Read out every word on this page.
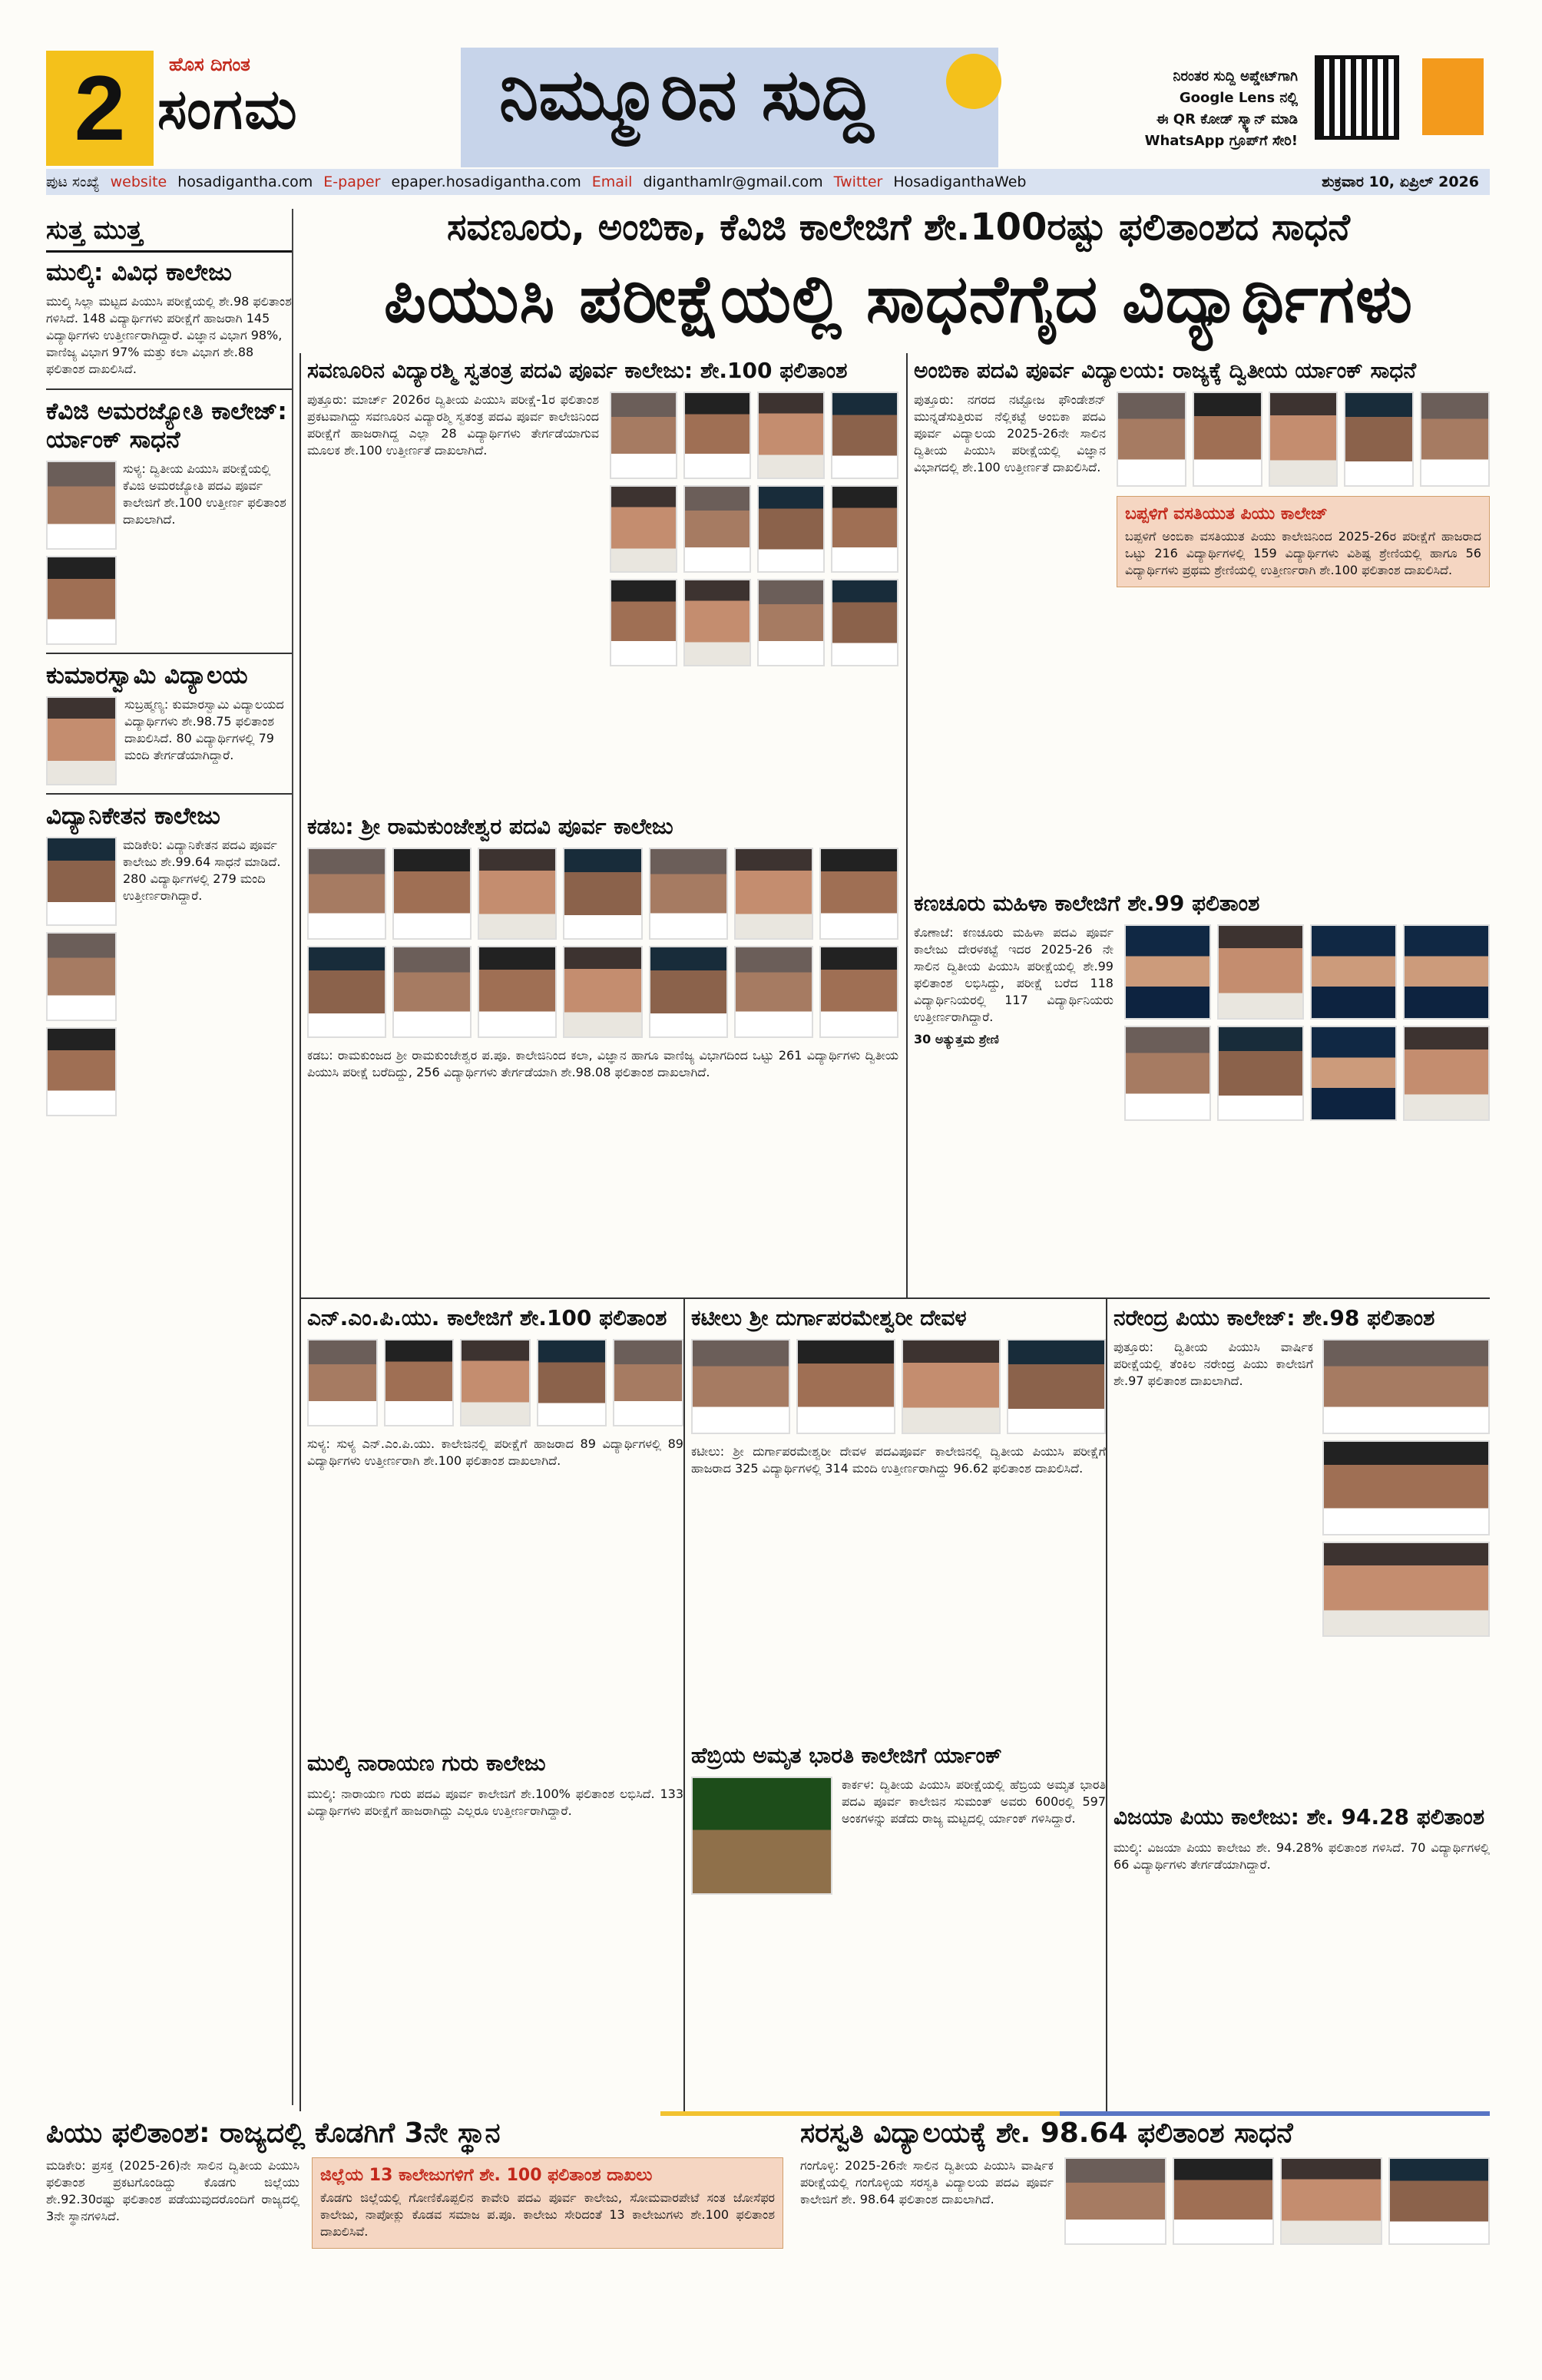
2	ಹೊಸ ದಿಗಂತ
ಸಂಗಮ	ನಿಮ್ಮೂರಿನ ಸುದ್ದಿ	ನಿರಂತರ ಸುದ್ದಿ ಅಪ್ಡೇಟ್‌ಗಾಗಿ
Google Lens ನಲ್ಲಿ
ಈ QR ಕೋಡ್ ಸ್ಕ್ಯಾನ್ ಮಾಡಿ
WhatsApp ಗ್ರೂಪ್‌ಗೆ ಸೇರಿ!
ಪುಟ ಸಂಖ್ಯೆ website hosadigantha.com E-paper epaper.hosadigantha.com Email diganthamlr@gmail.com Twitter HosadiganthaWeb	ಶುಕ್ರವಾರ 10, ಏಪ್ರಿಲ್ 2026
ಸವಣೂರು, ಅಂಬಿಕಾ, ಕೆವಿಜಿ ಕಾಲೇಜಿಗೆ ಶೇ.100ರಷ್ಟು ಫಲಿತಾಂಶದ ಸಾಧನೆ
ಪಿಯುಸಿ ಪರೀಕ್ಷೆಯಲ್ಲಿ ಸಾಧನೆಗೈದ ವಿದ್ಯಾರ್ಥಿಗಳು
ಸುತ್ತ ಮುತ್ತ
ಮುಲ್ಕಿ: ವಿವಿಧ ಕಾಲೇಜು
ಮುಲ್ಕಿ ಸಿಲ್ಲಾ ಮಟ್ಟದ ಪಿಯುಸಿ ಪರೀಕ್ಷೆಯಲ್ಲಿ ಶೇ.98 ಫಲಿತಾಂಶ ಗಳಿಸಿದೆ. 148 ವಿದ್ಯಾರ್ಥಿಗಳು ಪರೀಕ್ಷೆಗೆ ಹಾಜರಾಗಿ 145 ವಿದ್ಯಾರ್ಥಿಗಳು ಉತ್ತೀರ್ಣರಾಗಿದ್ದಾರೆ. ವಿಜ್ಞಾನ ವಿಭಾಗ 98%, ವಾಣಿಜ್ಯ ವಿಭಾಗ 97% ಮತ್ತು ಕಲಾ ವಿಭಾಗ ಶೇ.88 ಫಲಿತಾಂಶ ದಾಖಲಿಸಿದೆ.
ಕೆವಿಜಿ ಅಮರಜ್ಯೋತಿ ಕಾಲೇಜ್: ರ್ಯಾಂಕ್ ಸಾಧನೆ
ಸುಳ್ಯ: ದ್ವಿತೀಯ ಪಿಯುಸಿ ಪರೀಕ್ಷೆಯಲ್ಲಿ ಕೆವಿಜಿ ಅಮರಜ್ಯೋತಿ ಪದವಿ ಪೂರ್ವ ಕಾಲೇಜಿಗೆ ಶೇ.100 ಉತ್ತೀರ್ಣ ಫಲಿತಾಂಶ ದಾಖಲಾಗಿದೆ.
ಕುಮಾರಸ್ವಾಮಿ ವಿದ್ಯಾಲಯ
ಸುಬ್ರಹ್ಮಣ್ಯ: ಕುಮಾರಸ್ವಾಮಿ ವಿದ್ಯಾಲಯದ ವಿದ್ಯಾರ್ಥಿಗಳು ಶೇ.98.75 ಫಲಿತಾಂಶ ದಾಖಲಿಸಿದೆ. 80 ವಿದ್ಯಾರ್ಥಿಗಳಲ್ಲಿ 79 ಮಂದಿ ತೇರ್ಗಡೆಯಾಗಿದ್ದಾರೆ.
ವಿದ್ಯಾನಿಕೇತನ ಕಾಲೇಜು
ಮಡಿಕೇರಿ: ವಿದ್ಯಾನಿಕೇತನ ಪದವಿ ಪೂರ್ವ ಕಾಲೇಜು ಶೇ.99.64 ಸಾಧನೆ ಮಾಡಿದೆ. 280 ವಿದ್ಯಾರ್ಥಿಗಳಲ್ಲಿ 279 ಮಂದಿ ಉತ್ತೀರ್ಣರಾಗಿದ್ದಾರೆ.
ಸವಣೂರಿನ ವಿದ್ಯಾರಶ್ಮಿ ಸ್ವತಂತ್ರ ಪದವಿ ಪೂರ್ವ ಕಾಲೇಜು: ಶೇ.100 ಫಲಿತಾಂಶ
ಪುತ್ತೂರು: ಮಾರ್ಚ್ 2026ರ ದ್ವಿತೀಯ ಪಿಯುಸಿ ಪರೀಕ್ಷೆ-1ರ ಫಲಿತಾಂಶ ಪ್ರಕಟವಾಗಿದ್ದು ಸವಣೂರಿನ ವಿದ್ಯಾರಶ್ಮಿ ಸ್ವತಂತ್ರ ಪದವಿ ಪೂರ್ವ ಕಾಲೇಜಿನಿಂದ ಪರೀಕ್ಷೆಗೆ ಹಾಜರಾಗಿದ್ದ ಎಲ್ಲಾ 28 ವಿದ್ಯಾರ್ಥಿಗಳು ತೇರ್ಗಡೆಯಾಗುವ ಮೂಲಕ ಶೇ.100 ಉತ್ತೀರ್ಣತೆ ದಾಖಲಾಗಿದೆ.
ಅಂಬಿಕಾ ಪದವಿ ಪೂರ್ವ ವಿದ್ಯಾಲಯ: ರಾಜ್ಯಕ್ಕೆ ದ್ವಿತೀಯ ರ್ಯಾಂಕ್ ಸಾಧನೆ
ಪುತ್ತೂರು: ನಗರದ ನಟ್ಟೋಜ ಫೌಂಡೇಶನ್ ಮುನ್ನಡೆಸುತ್ತಿರುವ ನೆಲ್ಲಿಕಟ್ಟೆ ಅಂಬಿಕಾ ಪದವಿ ಪೂರ್ವ ವಿದ್ಯಾಲಯ 2025-26ನೇ ಸಾಲಿನ ದ್ವಿತೀಯ ಪಿಯುಸಿ ಪರೀಕ್ಷೆಯಲ್ಲಿ ವಿಜ್ಞಾನ ವಿಭಾಗದಲ್ಲಿ ಶೇ.100 ಉತ್ತೀರ್ಣತೆ ದಾಖಲಿಸಿದೆ.
ಬಪ್ಪಳಿಗೆ ವಸತಿಯುತ ಪಿಯು ಕಾಲೇಜ್
ಬಪ್ಪಳಿಗೆ ಅಂಬಿಕಾ ವಸತಿಯುತ ಪಿಯು ಕಾಲೇಜಿನಿಂದ 2025-26ರ ಪರೀಕ್ಷೆಗೆ ಹಾಜರಾದ ಒಟ್ಟು 216 ವಿದ್ಯಾರ್ಥಿಗಳಲ್ಲಿ 159 ವಿದ್ಯಾರ್ಥಿಗಳು ವಿಶಿಷ್ಟ ಶ್ರೇಣಿಯಲ್ಲಿ ಹಾಗೂ 56 ವಿದ್ಯಾರ್ಥಿಗಳು ಪ್ರಥಮ ಶ್ರೇಣಿಯಲ್ಲಿ ಉತ್ತೀರ್ಣರಾಗಿ ಶೇ.100 ಫಲಿತಾಂಶ ದಾಖಲಿಸಿದೆ.
ಕಡಬ: ಶ್ರೀ ರಾಮಕುಂಜೇಶ್ವರ ಪದವಿ ಪೂರ್ವ ಕಾಲೇಜು
ಕಡಬ: ರಾಮಕುಂಜದ ಶ್ರೀ ರಾಮಕುಂಜೇಶ್ವರ ಪ.ಪೂ. ಕಾಲೇಜಿನಿಂದ ಕಲಾ, ವಿಜ್ಞಾನ ಹಾಗೂ ವಾಣಿಜ್ಯ ವಿಭಾಗದಿಂದ ಒಟ್ಟು 261 ವಿದ್ಯಾರ್ಥಿಗಳು ದ್ವಿತೀಯ ಪಿಯುಸಿ ಪರೀಕ್ಷೆ ಬರೆದಿದ್ದು, 256 ವಿದ್ಯಾರ್ಥಿಗಳು ತೇರ್ಗಡೆಯಾಗಿ ಶೇ.98.08 ಫಲಿತಾಂಶ ದಾಖಲಾಗಿದೆ.
ಕಣಚೂರು ಮಹಿಳಾ ಕಾಲೇಜಿಗೆ ಶೇ.99 ಫಲಿತಾಂಶ
ಕೊಣಾಜೆ: ಕಣಚೂರು ಮಹಿಳಾ ಪದವಿ ಪೂರ್ವ ಕಾಲೇಜು ದೇರಳಕಟ್ಟೆ ಇದರ 2025-26 ನೇ ಸಾಲಿನ ದ್ವಿತೀಯ ಪಿಯುಸಿ ಪರೀಕ್ಷೆಯಲ್ಲಿ ಶೇ.99 ಫಲಿತಾಂಶ ಲಭಿಸಿದ್ದು, ಪರೀಕ್ಷೆ ಬರೆದ 118 ವಿದ್ಯಾರ್ಥಿನಿಯರಲ್ಲಿ 117 ವಿದ್ಯಾರ್ಥಿನಿಯರು ಉತ್ತೀರ್ಣರಾಗಿದ್ದಾರೆ.
30 ಅತ್ಯುತ್ತಮ ಶ್ರೇಣಿ
ಎನ್.ಎಂ.ಪಿ.ಯು. ಕಾಲೇಜಿಗೆ ಶೇ.100 ಫಲಿತಾಂಶ
ಸುಳ್ಯ: ಸುಳ್ಯ ಎನ್.ಎಂ.ಪಿ.ಯು. ಕಾಲೇಜಿನಲ್ಲಿ ಪರೀಕ್ಷೆಗೆ ಹಾಜರಾದ 89 ವಿದ್ಯಾರ್ಥಿಗಳಲ್ಲಿ 89 ವಿದ್ಯಾರ್ಥಿಗಳು ಉತ್ತೀರ್ಣರಾಗಿ ಶೇ.100 ಫಲಿತಾಂಶ ದಾಖಲಾಗಿದೆ.
ಕಟೀಲು ಶ್ರೀ ದುರ್ಗಾಪರಮೇಶ್ವರೀ ದೇವಳ
ಕಟೀಲು: ಶ್ರೀ ದುರ್ಗಾಪರಮೇಶ್ವರೀ ದೇವಳ ಪದವಿಪೂರ್ವ ಕಾಲೇಜಿನಲ್ಲಿ ದ್ವಿತೀಯ ಪಿಯುಸಿ ಪರೀಕ್ಷೆಗೆ ಹಾಜರಾದ 325 ವಿದ್ಯಾರ್ಥಿಗಳಲ್ಲಿ 314 ಮಂದಿ ಉತ್ತೀರ್ಣರಾಗಿದ್ದು 96.62 ಫಲಿತಾಂಶ ದಾಖಲಿಸಿದೆ.
ನರೇಂದ್ರ ಪಿಯು ಕಾಲೇಜ್: ಶೇ.98 ಫಲಿತಾಂಶ
ಪುತ್ತೂರು: ದ್ವಿತೀಯ ಪಿಯುಸಿ ವಾರ್ಷಿಕ ಪರೀಕ್ಷೆಯಲ್ಲಿ ತೆಂಕಿಲ ನರೇಂದ್ರ ಪಿಯು ಕಾಲೇಜಿಗೆ ಶೇ.97 ಫಲಿತಾಂಶ ದಾಖಲಾಗಿದೆ.
ಮುಲ್ಕಿ ನಾರಾಯಣ ಗುರು ಕಾಲೇಜು
ಮುಲ್ಕಿ: ನಾರಾಯಣ ಗುರು ಪದವಿ ಪೂರ್ವ ಕಾಲೇಜಿಗೆ ಶೇ.100% ಫಲಿತಾಂಶ ಲಭಿಸಿದೆ. 133 ವಿದ್ಯಾರ್ಥಿಗಳು ಪರೀಕ್ಷೆಗೆ ಹಾಜರಾಗಿದ್ದು ಎಲ್ಲರೂ ಉತ್ತೀರ್ಣರಾಗಿದ್ದಾರೆ.
ಹೆಬ್ರಿಯ ಅಮೃತ ಭಾರತಿ ಕಾಲೇಜಿಗೆ ರ್ಯಾಂಕ್
ಕಾರ್ಕಳ: ದ್ವಿತೀಯ ಪಿಯುಸಿ ಪರೀಕ್ಷೆಯಲ್ಲಿ ಹೆಬ್ರಿಯ ಅಮೃತ ಭಾರತಿ ಪದವಿ ಪೂರ್ವ ಕಾಲೇಜಿನ ಸುಮಂತ್ ಅವರು 600ರಲ್ಲಿ 597 ಅಂಕಗಳನ್ನು ಪಡೆದು ರಾಜ್ಯ ಮಟ್ಟದಲ್ಲಿ ರ್ಯಾಂಕ್ ಗಳಿಸಿದ್ದಾರೆ.	ವಿಜಯಾ ಪಿಯು ಕಾಲೇಜು: ಶೇ. 94.28 ಫಲಿತಾಂಶ
ಮುಲ್ಕಿ: ವಿಜಯಾ ಪಿಯು ಕಾಲೇಜು ಶೇ. 94.28% ಫಲಿತಾಂಶ ಗಳಿಸಿದೆ. 70 ವಿದ್ಯಾರ್ಥಿಗಳಲ್ಲಿ 66 ವಿದ್ಯಾರ್ಥಿಗಳು ತೇರ್ಗಡೆಯಾಗಿದ್ದಾರೆ.
ಪಿಯು ಫಲಿತಾಂಶ: ರಾಜ್ಯದಲ್ಲಿ ಕೊಡಗಿಗೆ 3ನೇ ಸ್ಥಾನ
ಮಡಿಕೇರಿ: ಪ್ರಸಕ್ತ (2025-26)ನೇ ಸಾಲಿನ ದ್ವಿತೀಯ ಪಿಯುಸಿ ಫಲಿತಾಂಶ ಪ್ರಕಟಗೊಂಡಿದ್ದು ಕೊಡಗು ಜಿಲ್ಲೆಯು ಶೇ.92.30ರಷ್ಟು ಫಲಿತಾಂಶ ಪಡೆಯುವುದರೊಂದಿಗೆ ರಾಜ್ಯದಲ್ಲಿ 3ನೇ ಸ್ಥಾನಗಳಿಸಿದೆ.
ಜಿಲ್ಲೆಯ 13 ಕಾಲೇಜುಗಳಿಗೆ ಶೇ. 100 ಫಲಿತಾಂಶ ದಾಖಲು
ಕೊಡಗು ಜಿಲ್ಲೆಯಲ್ಲಿ ಗೋಣಿಕೊಪ್ಪಲಿನ ಕಾವೇರಿ ಪದವಿ ಪೂರ್ವ ಕಾಲೇಜು, ಸೋಮವಾರಪೇಟೆ ಸಂತ ಜೋಸೆಫರ ಕಾಲೇಜು, ನಾಪೋಕ್ಲು ಕೊಡವ ಸಮಾಜ ಪ.ಪೂ. ಕಾಲೇಜು ಸೇರಿದಂತೆ 13 ಕಾಲೇಜುಗಳು ಶೇ.100 ಫಲಿತಾಂಶ ದಾಖಲಿಸಿವೆ.
ಸರಸ್ವತಿ ವಿದ್ಯಾಲಯಕ್ಕೆ ಶೇ. 98.64 ಫಲಿತಾಂಶ ಸಾಧನೆ
ಗಂಗೊಳ್ಳಿ: 2025-26ನೇ ಸಾಲಿನ ದ್ವಿತೀಯ ಪಿಯುಸಿ ವಾರ್ಷಿಕ ಪರೀಕ್ಷೆಯಲ್ಲಿ ಗಂಗೊಳ್ಳಿಯ ಸರಸ್ವತಿ ವಿದ್ಯಾಲಯ ಪದವಿ ಪೂರ್ವ ಕಾಲೇಜಿಗೆ ಶೇ. 98.64 ಫಲಿತಾಂಶ ದಾಖಲಾಗಿದೆ.
